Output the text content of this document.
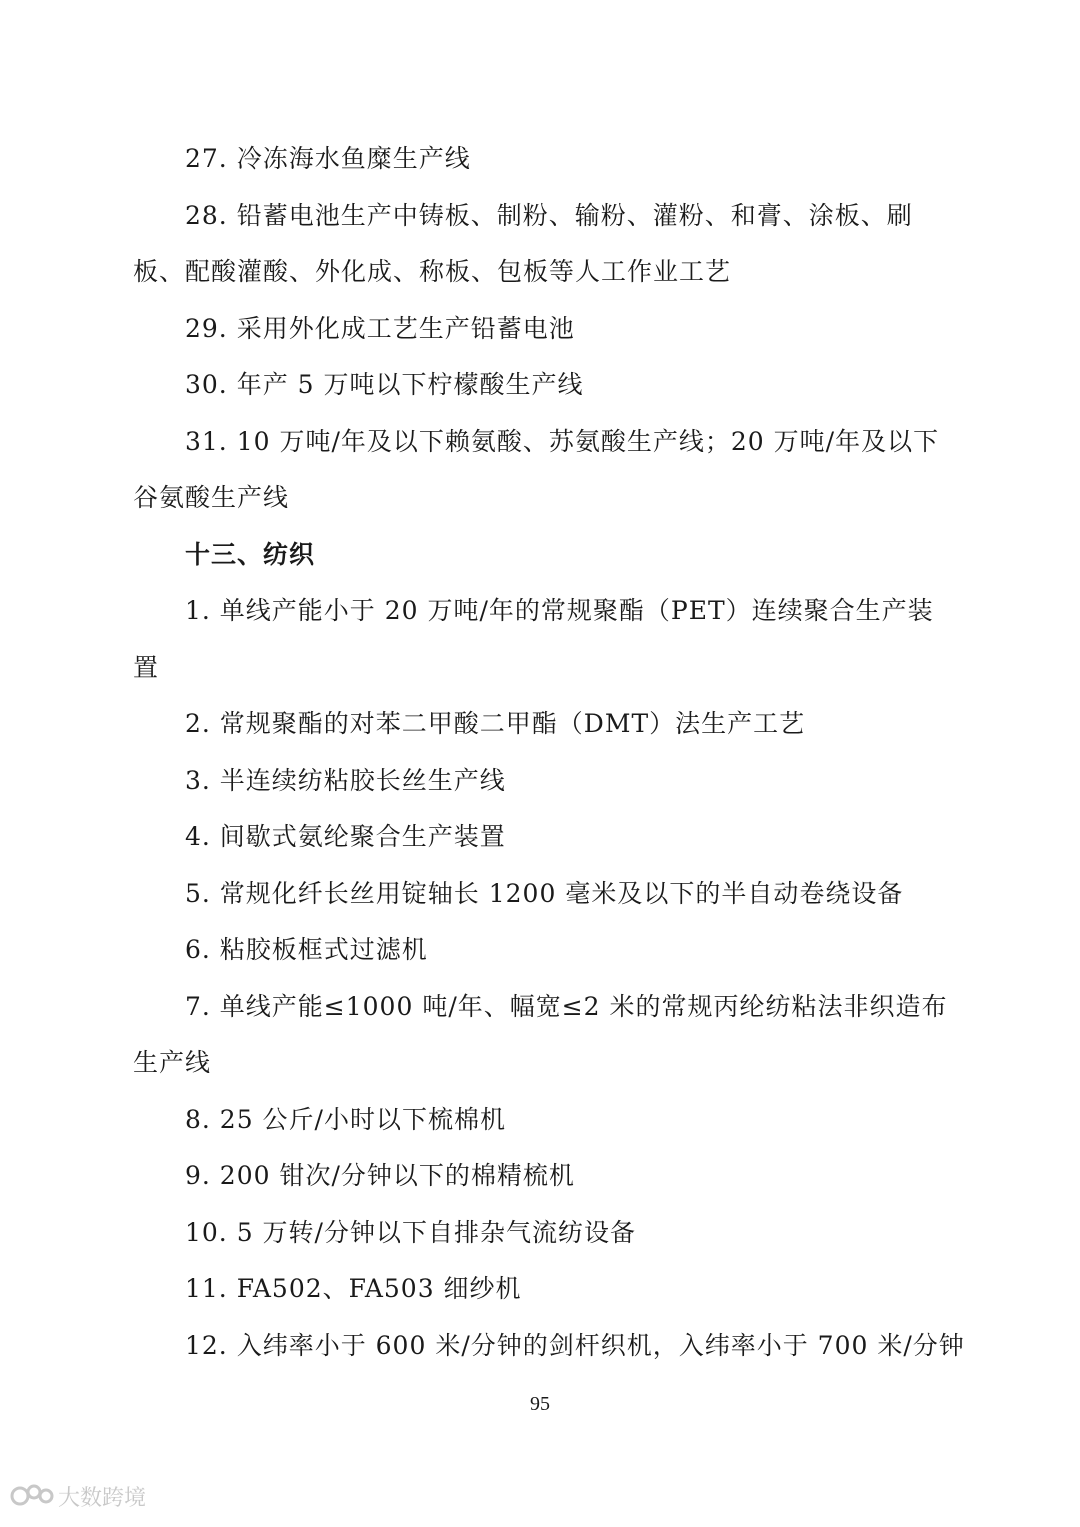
27. 冷冻海水鱼糜生产线
28. 铅蓄电池生产中铸板、制粉、输粉、灌粉、和膏、涂板、刷
板、配酸灌酸、外化成、称板、包板等人工作业工艺
29. 采用外化成工艺生产铅蓄电池
30. 年产 5 万吨以下柠檬酸生产线
31. 10 万吨/年及以下赖氨酸、苏氨酸生产线；20 万吨/年及以下
谷氨酸生产线
十三、纺织
1. 单线产能小于 20 万吨/年的常规聚酯（PET）连续聚合生产装
置
2. 常规聚酯的对苯二甲酸二甲酯（DMT）法生产工艺
3. 半连续纺粘胶长丝生产线
4. 间歇式氨纶聚合生产装置
5. 常规化纤长丝用锭轴长 1200 毫米及以下的半自动卷绕设备
6. 粘胶板框式过滤机
7. 单线产能≤1000 吨/年、幅宽≤2 米的常规丙纶纺粘法非织造布
生产线
8. 25 公斤/小时以下梳棉机
9. 200 钳次/分钟以下的棉精梳机
10. 5 万转/分钟以下自排杂气流纺设备
11. FA502、FA503 细纱机
12. 入纬率小于 600 米/分钟的剑杆织机，入纬率小于 700 米/分钟
95
大数跨境
